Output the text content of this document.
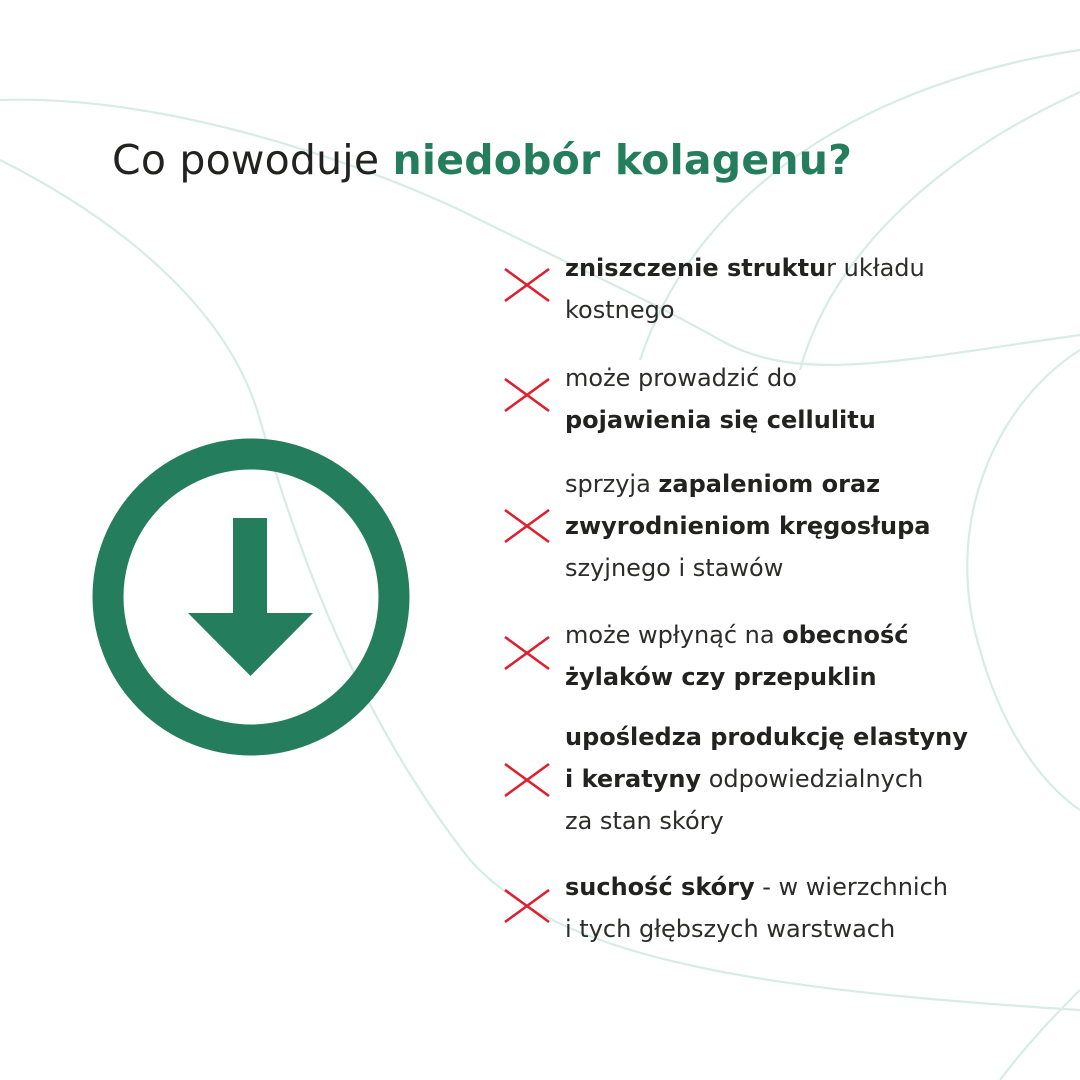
Co powoduje niedobór kolagenu?
zniszczenie struktur układu
kostnego
może prowadzić do
pojawienia się cellulitu
sprzyja zapaleniom oraz
zwyrodnieniom kręgosłupa
szyjnego i stawów
może wpłynąć na obecność
żylaków czy przepuklin
upośledza produkcję elastyny
i keratyny odpowiedzialnych
za stan skóry
suchość skóry - w wierzchnich
i tych głębszych warstwach
